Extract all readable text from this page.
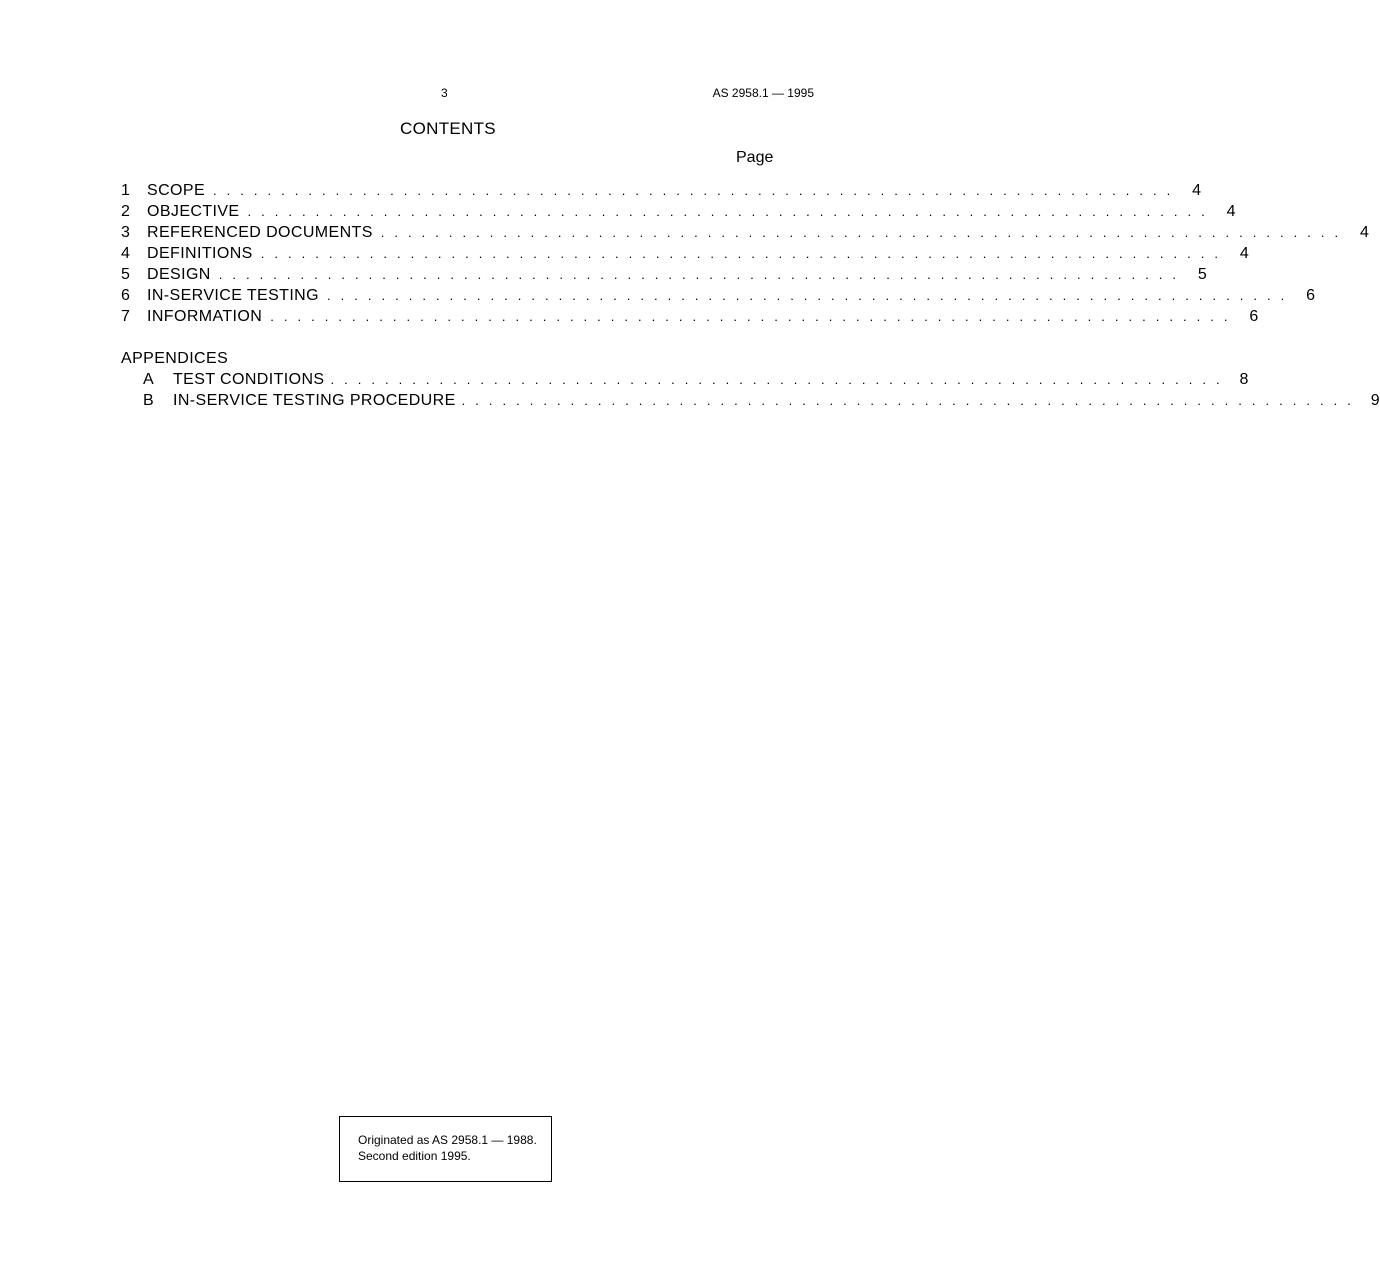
3	AS 2958.1 — 1995
CONTENTS
Page
1	SCOPE . . . . . . . . . . . . . . . . . . . . . . . . . . . . . . . . . . . . . . . . . . . . . . . . . . . . . . . . . . . . . . . . . . . . . . .	4
2	OBJECTIVE . . . . . . . . . . . . . . . . . . . . . . . . . . . . . . . . . . . . . . . . . . . . . . . . . . . . . . . . . . . . . . . . . . . . . . .	4
3	REFERENCED DOCUMENTS . . . . . . . . . . . . . . . . . . . . . . . . . . . . . . . . . . . . . . . . . . . . . . . . . . . . . . . . . . . . . . . . . . . . . . .	4
4	DEFINITIONS . . . . . . . . . . . . . . . . . . . . . . . . . . . . . . . . . . . . . . . . . . . . . . . . . . . . . . . . . . . . . . . . . . . . . . .	4
5	DESIGN . . . . . . . . . . . . . . . . . . . . . . . . . . . . . . . . . . . . . . . . . . . . . . . . . . . . . . . . . . . . . . . . . . . . . . .	5
6	IN-SERVICE TESTING . . . . . . . . . . . . . . . . . . . . . . . . . . . . . . . . . . . . . . . . . . . . . . . . . . . . . . . . . . . . . . . . . . . . . . .	6
7	INFORMATION . . . . . . . . . . . . . . . . . . . . . . . . . . . . . . . . . . . . . . . . . . . . . . . . . . . . . . . . . . . . . . . . . . . . . . .	6
APPENDICES
A	TEST CONDITIONS . . . . . . . . . . . . . . . . . . . . . . . . . . . . . . . . . . . . . . . . . . . . . . . . . . . . . . . . . . . . . . . . . .	8
B	IN-SERVICE TESTING PROCEDURE . . . . . . . . . . . . . . . . . . . . . . . . . . . . . . . . . . . . . . . . . . . . . . . . . . . . . . . . . . . . . . . . . .	9
Originated as AS 2958.1 — 1988.
Second edition 1995.
